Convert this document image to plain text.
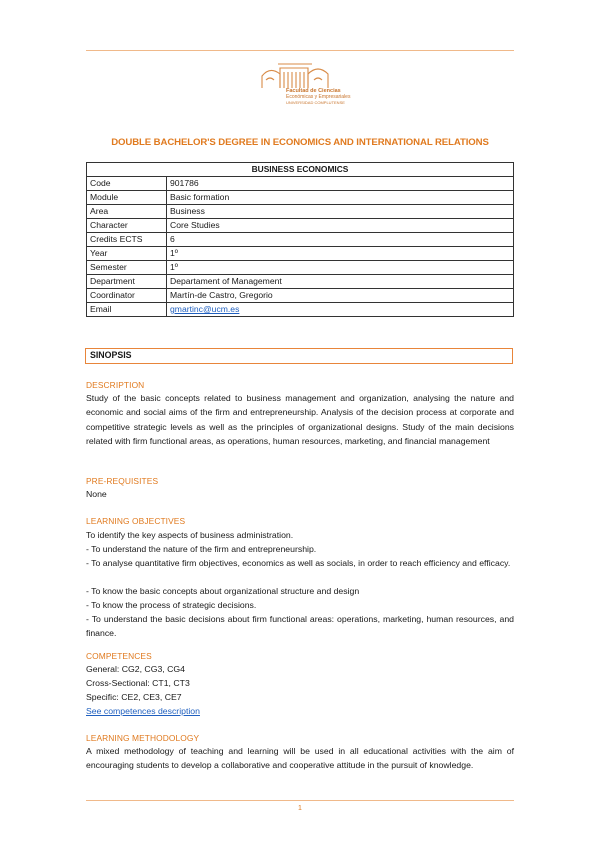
Facultad de Ciencias
Económicas y Empresariales
UNIVERSIDAD COMPLUTENSE
DOUBLE BACHELOR'S DEGREE IN ECONOMICS AND INTERNATIONAL RELATIONS
BUSINESS ECONOMICS	
Code	901786
Module	Basic formation
Area	Business
Character	Core Studies
Credits ECTS	6
Year	1º
Semester	1º
Department	Departament of Management
Coordinator	Martín-de Castro, Gregorio
Email	gmartinc@ucm.es
SINOPSIS
DESCRIPTION
Study of the basic concepts related to business management and organization, analysing the nature and economic and social aims of the firm and entrepreneurship. Analysis of the decision process at corporate and competitive strategic levels as well as the principles of organizational designs. Study of the main decisions related with firm functional areas, as operations, human resources, marketing, and financial management
PRE-REQUISITES
None
LEARNING OBJECTIVES
To identify the key aspects of business administration.
- To understand the nature of the firm and entrepreneurship.
- To analyse quantitative firm objectives, economics as well as socials, in order to reach efficiency and efficacy.
- To know the basic concepts about organizational structure and design
- To know the process of strategic decisions.
- To understand the basic decisions about firm functional areas: operations, marketing, human resources, and finance.
COMPETENCES
General: CG2, CG3, CG4
Cross-Sectional: CT1, CT3
Specific: CE2, CE3, CE7
See competences description
LEARNING METHODOLOGY
A mixed methodology of teaching and learning will be used in all educational activities with the aim of encouraging students to develop a collaborative and cooperative attitude in the pursuit of knowledge.
1
